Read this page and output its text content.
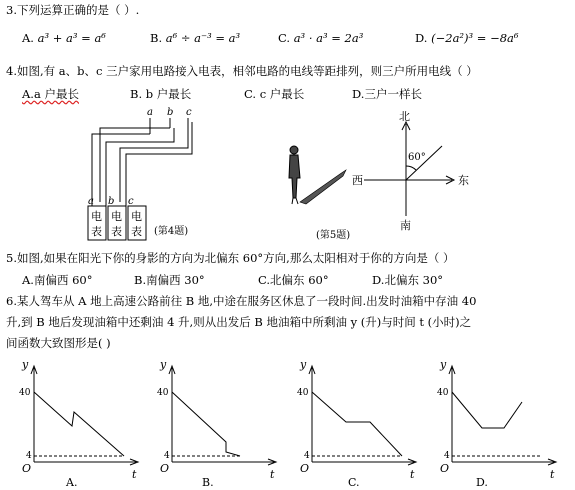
3.下列运算正确的是（ ）.
A. a³ + a³ = a⁶	B. a⁶ ÷ a⁻³ = a³	C. a³ · a³ = 2a³	D. (−2a²)³ = −8a⁶
4.如图,有 a、b、c 三户家用电路接入电表，相邻电路的电线等距排列，则三户所用电线（ ）
A.a 户最长	B. b 户最长	C. c 户最长	D.三户一样长
a b c
a b c
电
表
电
表
电
表 (第4题)
北
南
东
西
60°
(第5题)
5.如图,如果在阳光下你的身影的方向为北偏东 60°方向,那么太阳相对于你的方向是（ ）
A.南偏西 60°	B.南偏西 30°	C.北偏东 60°	D.北偏东 30°
6.某人驾车从 A 地上高速公路前往 B 地,中途在服务区休息了一段时间.出发时油箱中存油 40
升,到 B 地后发现油箱中还剩油 4 升,则从出发后 B 地油箱中所剩油 y (升)与时间 t (小时)之
间函数大致图形是( )
y
40
4
O	t
A.
y
40
4
O	t
B.
y
40
4
O	t
C.
y
40
4
O	t
D.
